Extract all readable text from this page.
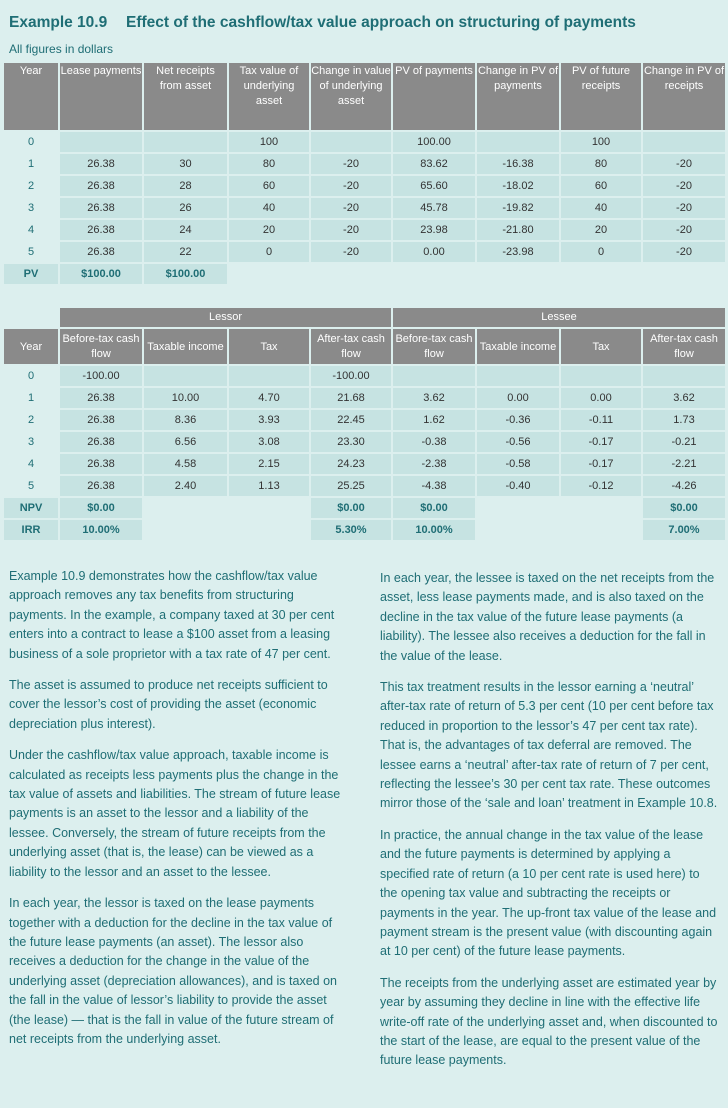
Example 10.9 Effect of the cashflow/tax value approach on structuring of payments
All figures in dollars
Year	Lease payments	Net receipts from asset	Tax value of underlying asset	Change in value of underlying asset	PV of payments	Change in PV of payments	PV of future receipts	Change in PV of receipts
0			100		100.00		100	
1	26.38	30	80	-20	83.62	-16.38	80	-20
2	26.38	28	60	-20	65.60	-18.02	60	-20
3	26.38	26	40	-20	45.78	-19.82	40	-20
4	26.38	24	20	-20	23.98	-21.80	20	-20
5	26.38	22	0	-20	0.00	-23.98	0	-20
PV	$100.00	$100.00						
	Lessor				Lessee			
Year	Before-tax cash flow	Taxable income	Tax	After-tax cash flow	Before-tax cash flow	Taxable income	Tax	After-tax cash flow
0	-100.00			-100.00				
1	26.38	10.00	4.70	21.68	3.62	0.00	0.00	3.62
2	26.38	8.36	3.93	22.45	1.62	-0.36	-0.11	1.73
3	26.38	6.56	3.08	23.30	-0.38	-0.56	-0.17	-0.21
4	26.38	4.58	2.15	24.23	-2.38	-0.58	-0.17	-2.21
5	26.38	2.40	1.13	25.25	-4.38	-0.40	-0.12	-4.26
NPV	$0.00			$0.00	$0.00			$0.00
IRR	10.00%			5.30%	10.00%			7.00%

Example 10.9 demonstrates how the cashflow/tax value approach removes any tax benefits from structuring payments. In the example, a company taxed at 30 per cent enters into a contract to lease a $100 asset from a leasing business of a sole proprietor with a tax rate of 47 per cent.

The asset is assumed to produce net receipts sufficient to cover the lessor’s cost of providing the asset (economic depreciation plus interest).

Under the cashflow/tax value approach, taxable income is calculated as receipts less payments plus the change in the tax value of assets and liabilities. The stream of future lease payments is an asset to the lessor and a liability of the lessee. Conversely, the stream of future receipts from the underlying asset (that is, the lease) can be viewed as a liability to the lessor and an asset to the lessee.

In each year, the lessor is taxed on the lease payments together with a deduction for the decline in the tax value of the future lease payments (an asset). The lessor also receives a deduction for the change in the value of the underlying asset (depreciation allowances), and is taxed on the fall in the value of lessor’s liability to provide the asset (the lease) — that is the fall in value of the future stream of net receipts from the underlying asset.

In each year, the lessee is taxed on the net receipts from the asset, less lease payments made, and is also taxed on the decline in the tax value of the future lease payments (a liability). The lessee also receives a deduction for the fall in the value of the lease.

This tax treatment results in the lessor earning a ‘neutral’ after-tax rate of return of 5.3 per cent (10 per cent before tax reduced in proportion to the lessor’s 47 per cent tax rate). That is, the advantages of tax deferral are removed. The lessee earns a ‘neutral’ after-tax rate of return of 7 per cent, reflecting the lessee’s 30 per cent tax rate. These outcomes mirror those of the ‘sale and loan’ treatment in Example 10.8.

In practice, the annual change in the tax value of the lease and the future payments is determined by applying a specified rate of return (a 10 per cent rate is used here) to the opening tax value and subtracting the receipts or payments in the year. The up-front tax value of the lease and payment stream is the present value (with discounting again at 10 per cent) of the future lease payments.

The receipts from the underlying asset are estimated year by year by assuming they decline in line with the effective life write-off rate of the underlying asset and, when discounted to the start of the lease, are equal to the present value of the future lease payments.
